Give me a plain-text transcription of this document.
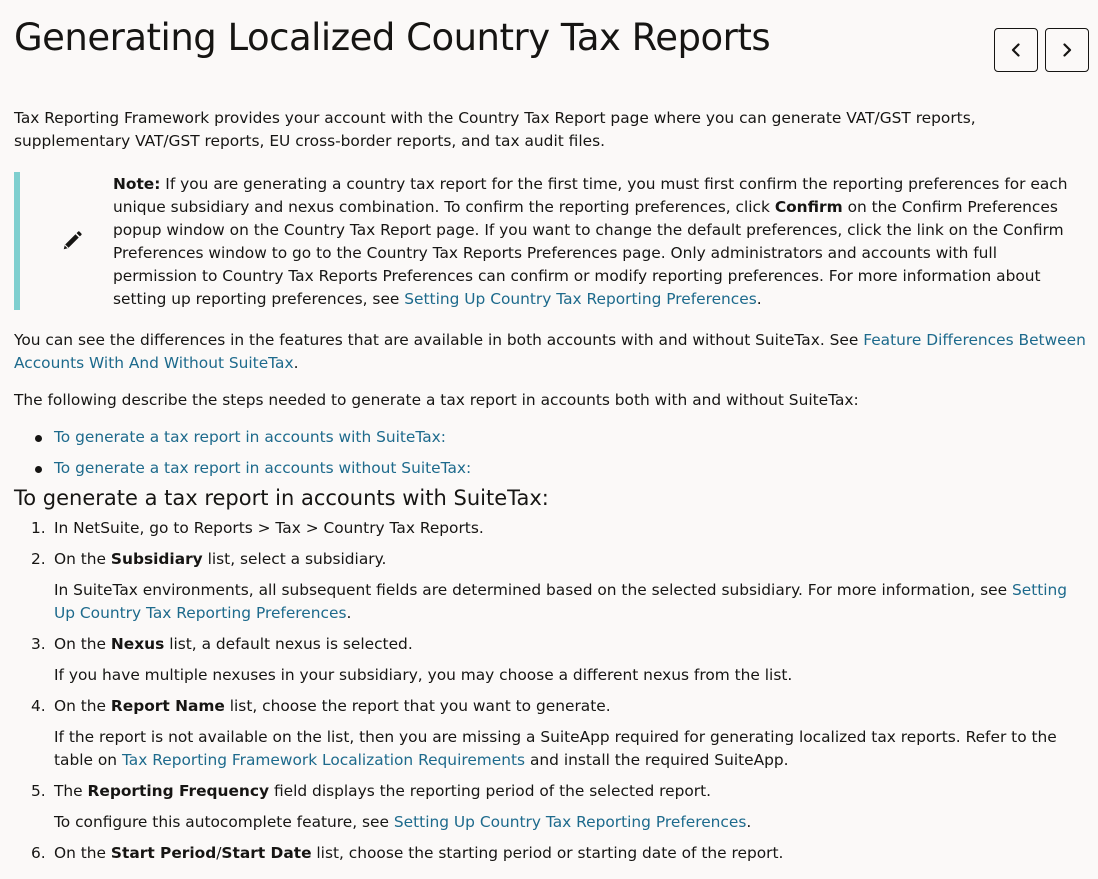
Generating Localized Country Tax Reports

Tax Reporting Framework provides your account with the Country Tax Report page where you can generate VAT/GST reports, supplementary VAT/GST reports, EU cross-border reports, and tax audit files.

Note: If you are generating a country tax report for the first time, you must first confirm the reporting preferences for each unique subsidiary and nexus combination. To confirm the reporting preferences, click Confirm on the Confirm Preferences popup window on the Country Tax Report page. If you want to change the default preferences, click the link on the Confirm Preferences window to go to the Country Tax Reports Preferences page. Only administrators and accounts with full permission to Country Tax Reports Preferences can confirm or modify reporting preferences. For more information about setting up reporting preferences, see Setting Up Country Tax Reporting Preferences.

You can see the differences in the features that are available in both accounts with and without SuiteTax. See Feature Differences Between Accounts With And Without SuiteTax.

The following describe the steps needed to generate a tax report in accounts both with and without SuiteTax:

To generate a tax report in accounts with SuiteTax:
To generate a tax report in accounts without SuiteTax:
To generate a tax report in accounts with SuiteTax:
1. In NetSuite, go to Reports > Tax > Country Tax Reports.
2. On the Subsidiary list, select a subsidiary.

In SuiteTax environments, all subsequent fields are determined based on the selected subsidiary. For more information, see Setting Up Country Tax Reporting Preferences.

3. On the Nexus list, a default nexus is selected.

If you have multiple nexuses in your subsidiary, you may choose a different nexus from the list.

4. On the Report Name list, choose the report that you want to generate.

If the report is not available on the list, then you are missing a SuiteApp required for generating localized tax reports. Refer to the table on Tax Reporting Framework Localization Requirements and install the required SuiteApp.

5. The Reporting Frequency field displays the reporting period of the selected report.

To configure this autocomplete feature, see Setting Up Country Tax Reporting Preferences.

6. On the Start Period/Start Date list, choose the starting period or starting date of the report.
